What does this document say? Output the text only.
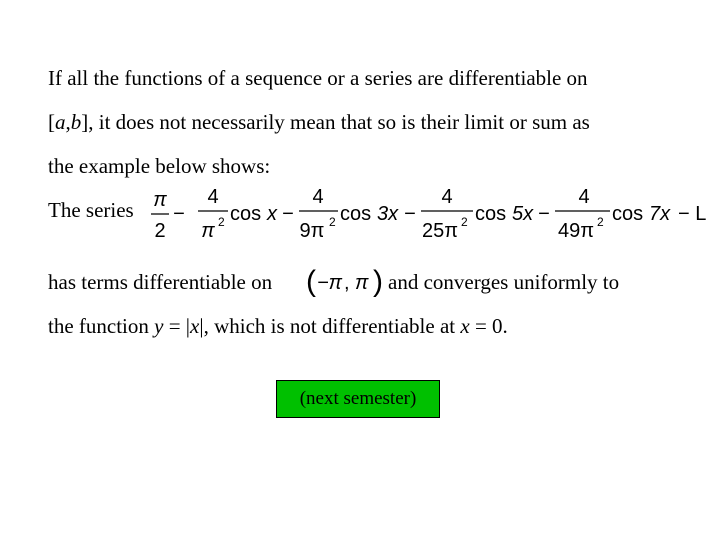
If all the functions of a sequence or a series are differentiable on
[a,b], it does not necessarily mean that so is their limit or sum as
the example below shows:
The series π
2
−
4
π 2 cos x −
4
9π 2 cos 3x −
4
25π 2 cos 5x −
4
49π 2 cos 7x − L
has terms differentiable on ( −π , π ) and converges uniformly to
the function y = |x|, which is not differentiable at x = 0.
(next semester)
